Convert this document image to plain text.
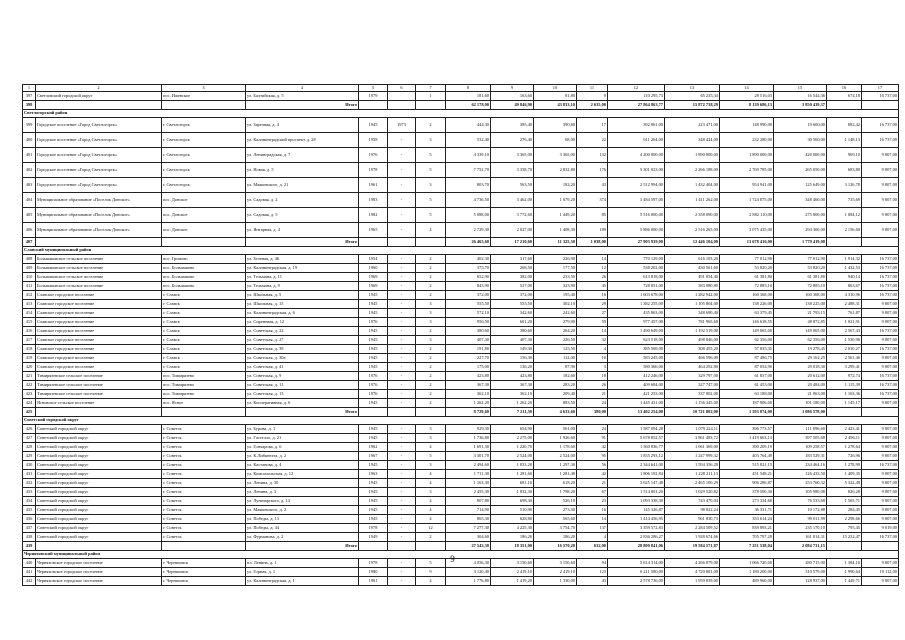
1	2	3	4	5	6	7	8	9	10	11	12	13	14	15	16	17
397	Светловский городской округ	пос. Ижевское	ул. Балтийская, д. 5	1979		1	181,60	163,60	81,80	9	110 295,73	65 235,34	28 516,03	16 544,36	674,18	16 737,00
398			Итого				62 178,00	49 846,90	43 833,10	2 635,00	27 864 863,77	15 872 738,29	8 139 686,13	3 850 439,37		
Светлогорский район																
399	Городское поселение «Город Светлогорск»	г. Светлогорск	ул. Заречная, д. 4	1945	1973	2	444,30	385,40	390,80	17	392 061,00	223 471,00	148 990,00	19 600,00	882,42	16 737,00
400	Городское поселение «Город Светлогорск»	г. Светлогорск	ул. Калининградский проспект, д. 28	1958	-	3	532,40	276,40	68,00	22	611 264,00	348 424,00	232 280,00	30 560,00	1 148,13	16 737,00
401	Городское поселение «Город Светлогорск»	г. Светлогорск	ул. Ленинградская, д. 7	1976	-	5	4 339,10	3 365,00	3 365,00	132	4 200 000,00	1 890 000,00	1 890 000,00	420 000,00	969,10	9 807,00
402	Городское поселение «Город Светлогорск»	г. Светлогорск	ул. Новая, д. 5	1978	-	5	7 752,70	3 358,70	2 832,80	176	5 301 023,00	2 266 188,00	2 769 785,00	265 050,00	683,80	9 807,00
403	Городское поселение «Город Светлогорск»	г. Светлогорск	ул. Маяковского, д. 21	1961	-	3	803,70	563,50	182,20	43	2 512 994,00	1 432 404,00	954 941,00	125 649,00	3 126,78	9 807,00
404	Муниципальное образование «Поселок Донское»	пос. Донское	ул. Садовая, д. 2	1983	-	5	4 736,50	3 462,00	1 679,20	374	3 484 597,00	1 411 262,00	1 724 875,00	348 460,00	735,69	9 807,00
405	Муниципальное образование «Поселок Донское»	пос. Донское	ул. Садовая, д. 5	1982	-	5	5 088,00	3 772,60	1 449,20	85	5 516 000,00	2 358 090,00	2 882 110,00	275 800,00	1 084,12	9 807,00
406	Муниципальное образование «Поселок Донское»	пос. Донское	ул. Янтарная, д. 4	1965	-	4	2 729,30	2 027,00	1 408,30	189	5 886 000,00	2 516 265,00	3 075 435,00	294 300,00	2 156,60	9 807,00
407			Итого				26 465,60	17 210,60	11 325,50	1 038,00	27 903 939,00	12 446 104,00	13 678 416,00	1 779 419,00		
Славский муниципальный район																
408	Большаковское сельское поселение	пос. Громово	ул. Зеленая, д. 46	1954	-	2	402,30	317,60	226,90	14	770 129,00	616 103,20	77 012,90	77 012,90	1 914,32	16 737,00
409	Большаковское сельское поселение	пос. Большаково	ул. Калининградская, д. 19	1960	-	2	375,70	268,50	177,50	12	538 202,00	430 561,60	53 820,20	53 820,20	1 432,53	16 737,00
410	Большаковское сельское поселение	пос. Большаково	ул. Тельмана, д. 11	1969	-	2	652,90	382,00	233,50	26	613 818,00	491 054,40	61 381,80	61 381,80	940,14	16 737,00
411	Большаковское сельское поселение	пос. Большаково	ул. Тельмана, д. 9	1969	-	2	843,90	527,00	323,90	45	728 851,00	583 080,80	72 885,10	72 885,10	863,67	16 737,00
412	Славское городское поселение	г. Славск	ул. Школьная, д. 5	1945	-	2	372,00	372,00	195,40	16	1 603 678,00	1 282 942,00	160 368,00	160 368,00	4 310,96	16 737,00
413	Славское городское поселение	г. Славск	ул. Школьная, д. 15	1945	-	3	555,50	555,50	302,10	29	1 382 255,00	1 105 804,00	138 226,00	138 225,00	2 488,31	9 807,00
414	Славское городское поселение	г. Славск	ул. Калининградская, д. 6	1945	-	3	572,10	342,60	242,60	27	435 863,00	348 690,40	63 379,45	21 793,15	761,87	9 807,00
415	Славское городское поселение	г. Славск	ул. Сиреневая, д. 12	1976	-	3	956,50	601,20	279,90	59	977 457,00	781 965,60	146 618,55	48 872,85	1 021,91	9 807,00
416	Славское городское поселение	г. Славск	ул. Советская, д. 22	1945	-	2	380,60	380,60	264,20	14	1 490 649,00	1 192 519,00	149 065,00	149 065,00	2 567,43	16 737,00
417	Славское городское поселение	г. Славск	ул. Советская, д. 27	1945	-	3	407,30	407,30	226,50	32	623 518,00	498 846,00	62 356,00	62 356,00	1 530,96	9 807,00
418	Славское городское поселение	г. Славск	ул. Советская, д. 39	1945	-	2	191,80	149,30	125,50	4	385 569,00	308 455,20	57 835,35	19 278,45	2 010,27	16 737,00
419	Славское городское поселение	г. Славск	ул. Советская, д. 30а	1945	-	2	227,70	156,30	112,00	10	583 245,00	466 596,00	87 486,75	29 162,25	2 561,46	9 807,00
420	Славское городское поселение	г. Славск	ул. Советская, д. 41	1945	-	2	175,00	136,20	87,90	3	580 366,00	464 292,80	87 054,90	29 018,30	3 299,41	9 807,00
421	Тимирязевское сельское поселение	пос. Тимирязево	ул. Советская, д. 9	1976	-	2	423,80	423,80	182,60	18	412 246,00	329 797,00	61 837,00	20 612,00	972,74	16 737,00
422	Тимирязевское сельское поселение	пос. Тимирязево	ул. Советская, д. 11	1976	-	2	367,30	367,30	283,20	26	409 684,00	327 747,00	61 453,00	20 484,00	1 115,39	16 737,00
423	Тимирязевское сельское поселение	пос. Тимирязево	ул. Советская, д. 13	1976	-	2	362,10	362,10	209,40	21	421 253,00	337 002,00	63 188,00	21 063,00	1 163,36	16 737,00
424	Ясновское сельское поселение	пос. Ясное	ул. Кооперативная, д. 6	1945	-	2	1 262,20	1 262,20	883,50	24	1 445 431,00	1 156 345,00	187 906,00	101 180,00	1 145,17	9 807,00
425			Итого				8 729,60	7 211,50	4 633,60	380,00	13 402 254,00	10 721 802,00	1 593 874,00	1 086 578,00		
Советский городской округ																
426	Советский городской округ	г. Советск	ул. Бурова, д. 1	1945	-	3	929,30	654,90	561,00	24	1 587 094,28	1 079 224,11	396 773,57	111 096,60	2 423,41	9 807,00
427	Советский городской округ	г. Советск	ул. Гастелло, д. 21	1945	-	3	1 736,80	2 275,00	1 926,60	91	5 678 852,57	3 861 483,72	1 419 663,13	397 505,68	2 496,11	9 807,00
428	Советский городской округ	г. Советск	ул. Гончарова, д. 6	1962	-	4	1 691,30	1 220,70	1 178,60	42	1 560 836,77	1 061 369,00	390 209,19	109 258,57	1 278,64	9 807,00
429	Советский городской округ	г. Советск	ул. К.Либкнехта, д. 2	1967	-	5	3 301,70	2 524,00	2 524,00	95	1 835 293,12	1 247 999,32	403 764,49	183 529,31	726,96	9 807,00
430	Советский городской округ	г. Советск	ул. Кастанова, д. 4	1945	-	3	2 494,60	1 833,20	1 297,30	56	2 344 641,00	1 594 356,29	515 821,15	234 464,16	1 278,99	16 737,00
431	Советский городской округ	г. Советск	ул. Комсомольская, д. 12	1963	-	4	1 711,30	1 281,60	1 281,40	42	1 806 192,84	1 228 211,13	451 548,21	126 433,50	1 409,35	9 807,00
432	Советский городской округ	г. Советск	ул. Ленина, д. 30	1945	-	4	1 163,30	681,10	618,20	21	3 625 147,48	2 465 100,29	906 286,87	253 760,32	5 322,49	9 807,00
433	Советский городской округ	г. Советск	ул. Ленина, д. 3	1945	-	3	2 455,30	1 832,30	1 798,20	67	1 514 001,20	1 029 520,82	378 500,30	105 980,08	826,28	9 807,00
434	Советский городской округ	г. Советск	ул. Луначарского, д. 14	1945	-	4	907,80	698,30	526,10	23	1 093 338,30	743 470,04	273 334,68	76 533,68	1 565,71	9 807,00
435	Советский городской округ	г. Советск	ул. Маяковского, д. 2	1945	-	4	714,90	510,90	273,30	16	145 326,87	98 822,24	36 331,71	10 172,88	284,45	9 807,00
436	Советский городской округ	г. Советск	ул. Победы, д. 13	1945	-	4	865,30	628,80	565,60	14	1 414 456,95	961 830,73	353 614,24	99 011,99	2 298,66	9 807,00
437	Советский городской округ	г. Советск	ул. Победы, д. 44	1978	-	12	7 277,30	4 225,30	3 754,70	137	3 359 572,83	2 284 509,52	839 893,21	235 170,10	795,45	9 019,00
438	Советский городской округ	г. Советск	ул. Фурманова, д. 2	1949	-	2	304,60	186,20	186,20	4	2 836 286,27	1 928 674,66	705 797,29	161 814,31	15 232,47	16 737,00
439			Итого				27 543,30	18 351,00	16 570,20	632,00	28 800 841,06	19 584 571,87	7 251 538,04	2 084 731,15		
Черняховский муниципальный район																
440	Черняховское городское поселение	г. Черняховск	пл. Ленина, д. 1	1978	-	5	4 056,30	3 150,60	3 150,60	94	5 614 314,00	4 266 879,00	1 066 720,00	280 715,00	1 384,10	9 807,00
441	Черняховское городское поселение	г. Черняховск	ул. Горная, д. 1	1980	-	9	3 120,40	2 419,10	2 419,10	123	6 211 580,00	4 720 801,00	1 180 200,00	310 579,00	1 990,64	10 112,00
442	Черняховское городское поселение	г. Черняховск	ул. Калининградская, д. 1	1961	-	4	1 776,80	1 419,20	1 330,00	43	2 578 736,00	1 959 839,00	489 960,00	128 937,00	1 449,71	9 807,00
9
